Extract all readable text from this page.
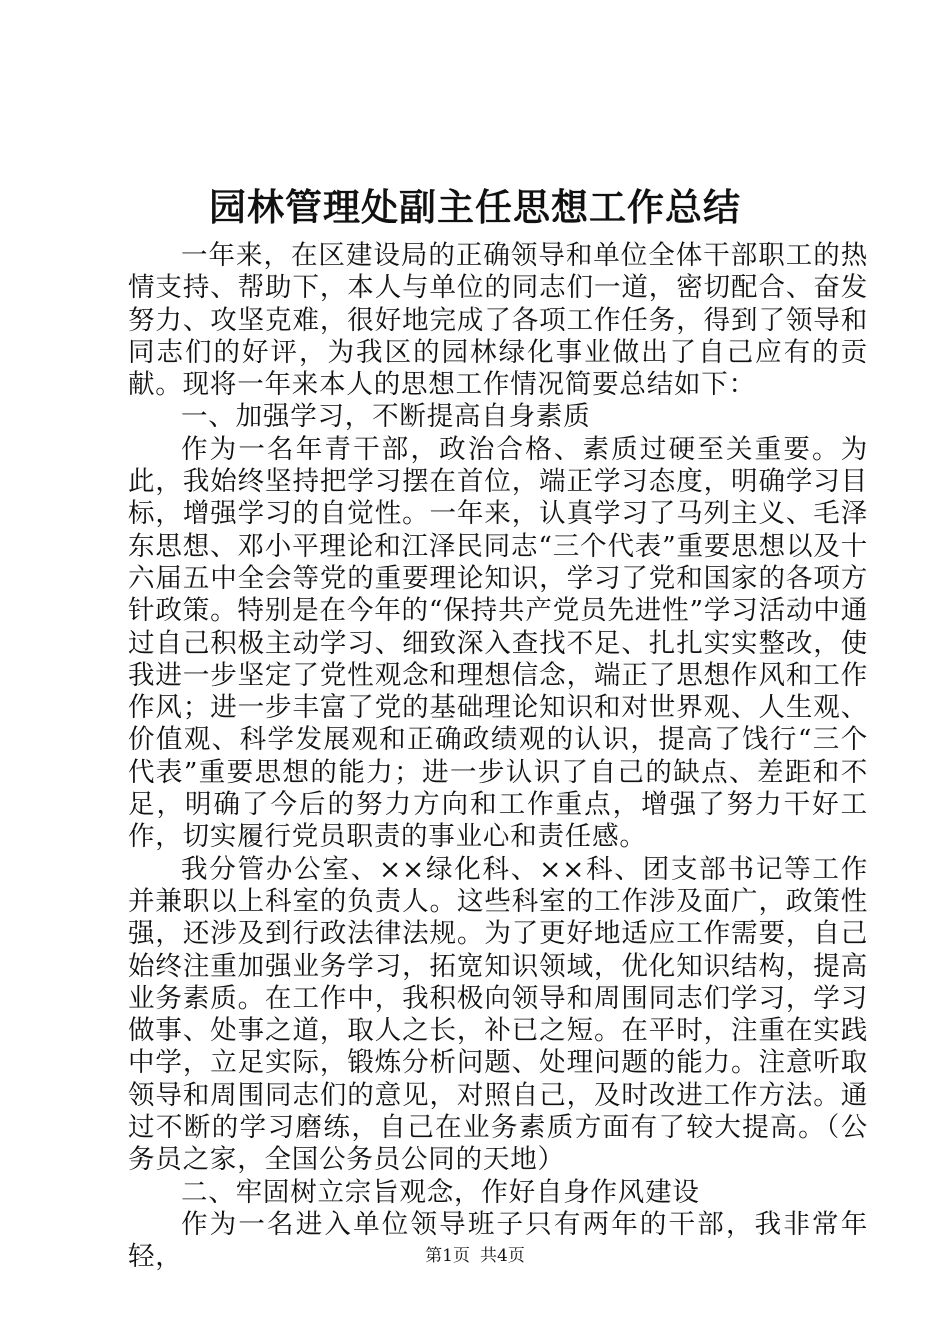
园林管理处副主任思想工作总结

一年来，在区建设局的正确领导和单位全体干部职工的热情支持、帮助下，本人与单位的同志们一道，密切配合、奋发努力、攻坚克难，很好地完成了各项工作任务，得到了领导和同志们的好评，为我区的园林绿化事业做出了自己应有的贡献。现将一年来本人的思想工作情况简要总结如下：

一、加强学习，不断提高自身素质

作为一名年青干部，政治合格、素质过硬至关重要。为此，我始终坚持把学习摆在首位，端正学习态度，明确学习目标，增强学习的自觉性。一年来，认真学习了马列主义、毛泽东思想、邓小平理论和江泽民同志“三个代表”重要思想以及十六届五中全会等党的重要理论知识，学习了党和国家的各项方针政策。特别是在今年的“保持共产党员先进性”学习活动中通过自己积极主动学习、细致深入查找不足、扎扎实实整改，使我进一步坚定了党性观念和理想信念，端正了思想作风和工作作风；进一步丰富了党的基础理论知识和对世界观、人生观、价值观、科学发展观和正确政绩观的认识，提高了饯行“三个代表”重要思想的能力；进一步认识了自己的缺点、差距和不足，明确了今后的努力方向和工作重点，增强了努力干好工作，切实履行党员职责的事业心和责任感。

我分管办公室、××绿化科、××科、团支部书记等工作并兼职以上科室的负责人。这些科室的工作涉及面广，政策性强，还涉及到行政法律法规。为了更好地适应工作需要，自己始终注重加强业务学习，拓宽知识领域，优化知识结构，提高业务素质。在工作中，我积极向领导和周围同志们学习，学习做事、处事之道，取人之长，补已之短。在平时，注重在实践中学，立足实际，锻炼分析问题、处理问题的能力。注意听取领导和周围同志们的意见，对照自己，及时改进工作方法。通过不断的学习磨练，自己在业务素质方面有了较大提高。（公务员之家，全国公务员公同的天地）

二、牢固树立宗旨观念，作好自身作风建设

作为一名进入单位领导班子只有两年的干部，我非常年轻，	第1页 共4页
